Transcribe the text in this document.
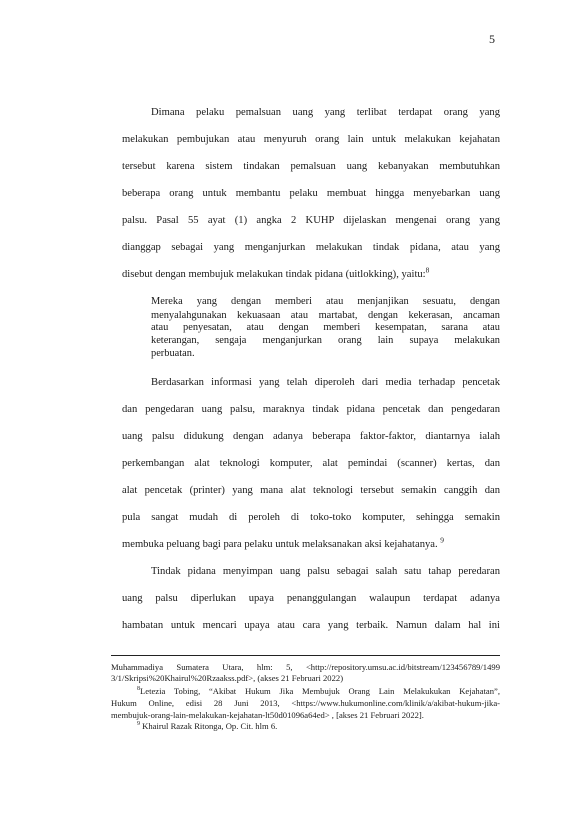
5
Dimana pelaku pemalsuan uang yang terlibat terdapat orang yang
melakukan pembujukan atau menyuruh orang lain untuk melakukan kejahatan
tersebut karena sistem tindakan pemalsuan uang kebanyakan membutuhkan
beberapa orang untuk membantu pelaku membuat hingga menyebarkan uang
palsu. Pasal 55 ayat (1) angka 2 KUHP dijelaskan mengenai orang yang
dianggap sebagai yang menganjurkan melakukan tindak pidana, atau yang
disebut dengan membujuk melakukan tindak pidana (uitlokking), yaitu:$^8$
Mereka yang dengan memberi atau menjanjikan sesuatu, dengan
menyalahgunakan kekuasaan atau martabat, dengan kekerasan, ancaman
atau penyesatan, atau dengan memberi kesempatan, sarana atau
keterangan, sengaja menganjurkan orang lain supaya melakukan
perbuatan.
Berdasarkan informasi yang telah diperoleh dari media terhadap pencetak
dan pengedaran uang palsu, maraknya tindak pidana pencetak dan pengedaran
uang palsu didukung dengan adanya beberapa faktor-faktor, diantarnya ialah
perkembangan alat teknologi komputer, alat pemindai (scanner) kertas, dan
alat pencetak (printer) yang mana alat teknologi tersebut semakin canggih dan
pula sangat mudah di peroleh di toko-toko komputer, sehingga semakin
membuka peluang bagi para pelaku untuk melaksanakan aksi kejahatanya. $^9$
Tindak pidana menyimpan uang palsu sebagai salah satu tahap peredaran
uang palsu diperlukan upaya penanggulangan walaupun terdapat adanya
hambatan untuk mencari upaya atau cara yang terbaik. Namun dalam hal ini
Muhammadiya Sumatera Utara, hlm: 5, <http://repository.umsu.ac.id/bitstream/123456789/1499
3/1/Skripsi%20Khairul%20Rzaakss.pdf>, (akses 21 Februari 2022)
$^8$Letezia Tobing, “Akibat Hukum Jika Membujuk Orang Lain Melakukukan Kejahatan”,
Hukum Online, edisi 28 Juni 2013, <https://www.hukumonline.com/klinik/a/akibat-hukum-jika-
membujuk-orang-lain-melakukan-kejahatan-lt50d01096a64ed> , [akses 21 Februari 2022].
$^9$ Khairul Razak Ritonga, Op. Cit. hlm 6.
